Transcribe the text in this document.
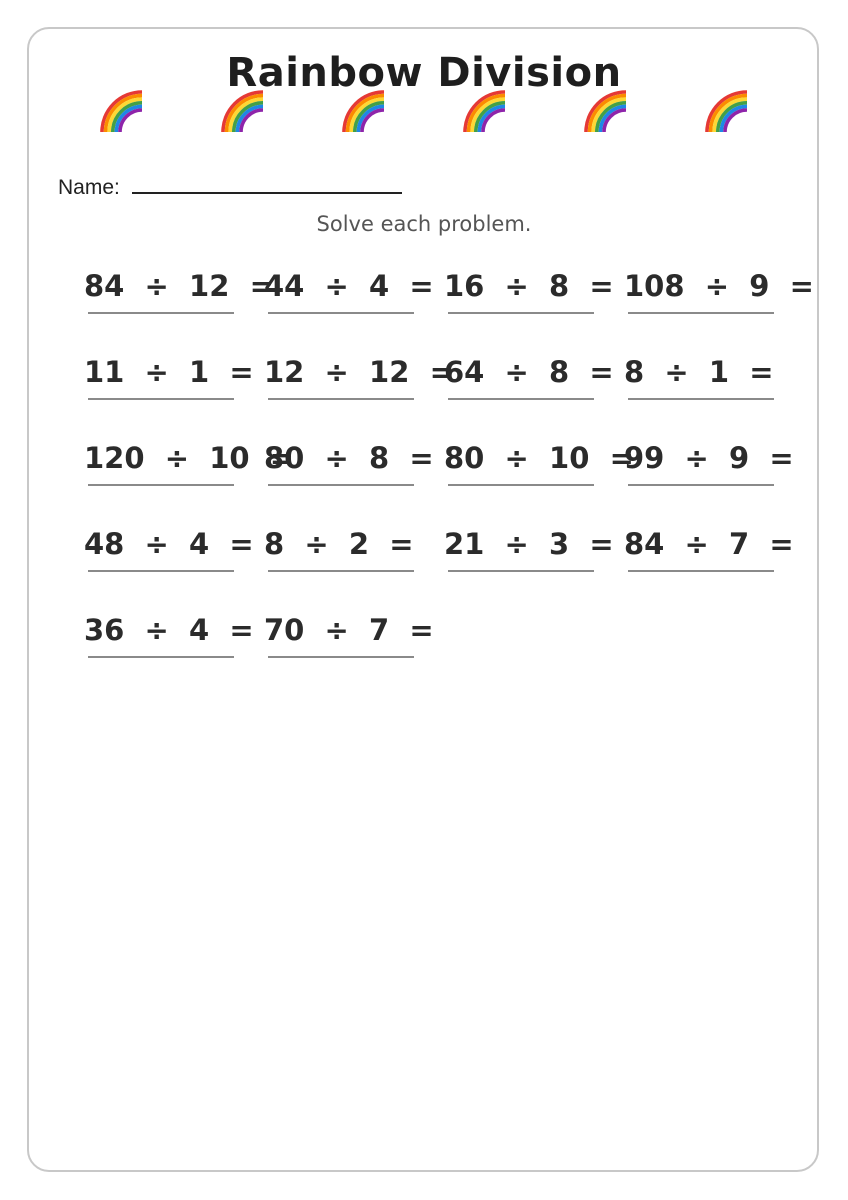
Rainbow Division
Name:
Solve each problem.
84  ÷  12  =
44  ÷  4  = 16  ÷  8  = 108  ÷  9  =
11  ÷  1  = 12  ÷  12  =
64  ÷  8  = 8  ÷  1  =
120  ÷  10  =
80  ÷  8  = 80  ÷  10  =
99  ÷  9  =
48  ÷  4  = 8  ÷  2  = 21  ÷  3  = 84  ÷  7  =
36  ÷  4  = 70  ÷  7  =
